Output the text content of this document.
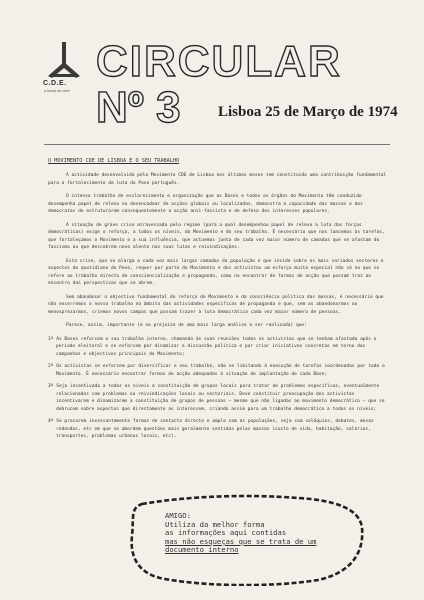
C.D.E.
a forma de viver
CIRCULAR
Nº 3 Lisboa 25 de Março de 1974
O MOVIMENTO CDE DE LISBOA E O SEU TRABALHO

A actividade desenvolvida pelo Movimento CDE de Lisboa nos últimos meses tem constituido uma contribuição fundamental para o fortalecimento da luta do Povo português.

O intenso trabalho de esclarecimento e organização que as Bases e todos os órgãos do Movimento têm conduzido desempenha papel de relevo no desencadear de acções globais ou localizadas, demonstra a capacidade das massas e dos democratas de estruturarem consequentemente a acção anti-fascista e de defesa dos interesses populares.

A situação de grave crise atravessada pelo regime (para a qual desempenhou papel de relevo a luta das forças democráticas) exige o reforço, a todos os níveis, do Movimento e do seu trabalho. É necessário que nos lancemos às tarefas, que fortaleçamos o Movimento e a sua influência, que actuemos junto de cada vez maior número de camadas que se afastam do fascismo ou que descobrem novo alento nas suas lutas e reivindicações.

Esta crise, que se alarga a cada vez mais largas camadas da população e que incide sobre os mais variados sectores e aspectos do quotidiano do Povo, requer por parte do Movimento e dos activistas um esforço muito especial não só no que se refere ao trabalho directo de consciencialização e propaganda, como no encontrar de formas de acção que possam traz ao encontro das perspectivas que se abrem.

Sem abandonar o objectivo fundamental do reforço do Movimento e da consciência política das massas, é necessário que não encerremos o nosso trabalho no âmbito das actividades específicas de propaganda e que, sem as abandonarmos ou menosprezarmos, criemos novos campos que possam trazer à luta democrática cada vez maior número de pessoas.

Parece, assim, importante (e no prejuízo de uma mais larga análise a ser realizada) que:

1º As Bases reforcem o seu trabalho interno, chamando às suas reuniões todos os activistas que se tenham afastado após o período eleitoral e se esforcem por dinamizar a discussão política e por criar iniciativas concretas em torno das campanhas e objectivos principais do Movimento;
2º Os activistas se esforcem por diversificar o seu trabalho, não se limitando à execução de tarefas coordenadas por todo o Movimento. É necessário encontrar formas de acção adequadas à situação de implantação de cada Base;
3º Seja incentivada a todos os níveis a constituição de grupos locais para tratar de problemas específicos, eventualmente relacionados com problemas ou reivindicações locais ou sectoriais. Deve constituir preocupação dos activistas incentivarem e dinamizarem a constituição de grupos de pessoas — mesmo que não ligadas ao movimento democrático — que se debrucem sobre aspectos que directamente as interessem, criando assim para um trabalho democrático a todos os níveis;
4º Se procurem incessantemente formas de contacto directo e amplo com as populações, seja com colóquios, debates, mesas redondas, etc em que se abordem questões mais geralmente sentidas pelas massas (custo de vida, habitação, salários, transportes, problemas urbanos locais, etc).
AMIGO:
Utiliza da melhor forma
as informações aqui contidas
mas não esqueças que se trata de um
documento interno
